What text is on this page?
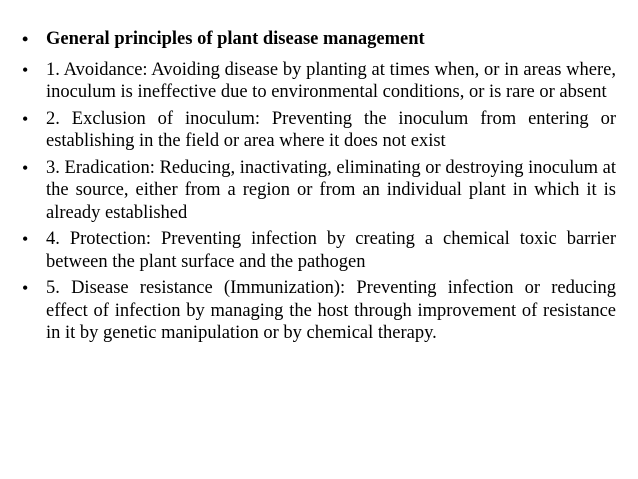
• General principles of plant disease management
• 1. Avoidance: Avoiding disease by planting at times when, or in areas where, inoculum is ineffective due to environmental conditions, or is rare or absent
• 2. Exclusion of inoculum: Preventing the inoculum from entering or establishing in the field or area where it does not exist
• 3. Eradication: Reducing, inactivating, eliminating or destroying inoculum at the source, either from a region or from an individual plant in which it is already established
• 4. Protection: Preventing infection by creating a chemical toxic barrier between the plant surface and the pathogen
• 5. Disease resistance (Immunization): Preventing infection or reducing effect of infection by managing the host through improvement of resistance in it by genetic manipulation or by chemical therapy.
